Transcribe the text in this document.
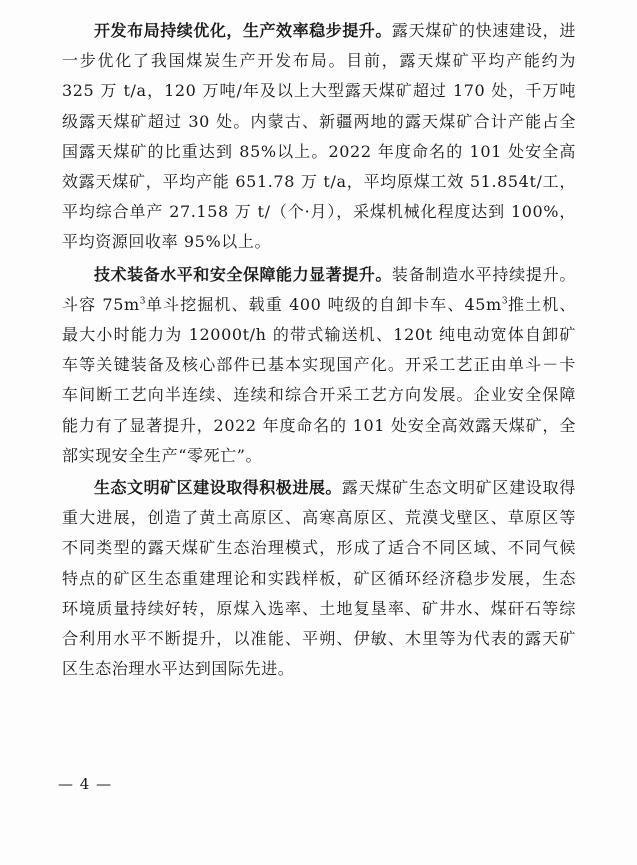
开发布局持续优化，生产效率稳步提升。露天煤矿的快速建设，进一步优化了我国煤炭生产开发布局。目前，露天煤矿平均产能约为 325 万 t/a，120 万吨/年及以上大型露天煤矿超过 170 处，千万吨级露天煤矿超过 30 处。内蒙古、新疆两地的露天煤矿合计产能占全国露天煤矿的比重达到 85%以上。2022 年度命名的 101 处安全高效露天煤矿，平均产能 651.78 万 t/a，平均原煤工效 51.854t/工，平均综合单产 27.158 万 t/（个·月），采煤机械化程度达到 100%，平均资源回收率 95%以上。

技术装备水平和安全保障能力显著提升。装备制造水平持续提升。斗容 $75m^3$单斗挖掘机、载重 400 吨级的自卸卡车、$45m^3$推土机、最大小时能力为 12000t/h 的带式输送机、120t 纯电动宽体自卸矿车等关键装备及核心部件已基本实现国产化。开采工艺正由单斗－卡车间断工艺向半连续、连续和综合开采工艺方向发展。企业安全保障能力有了显著提升，2022 年度命名的 101 处安全高效露天煤矿，全部实现安全生产“零死亡”。

生态文明矿区建设取得积极进展。露天煤矿生态文明矿区建设取得重大进展，创造了黄土高原区、高寒高原区、荒漠戈壁区、草原区等不同类型的露天煤矿生态治理模式，形成了适合不同区域、不同气候特点的矿区生态重建理论和实践样板，矿区循环经济稳步发展，生态环境质量持续好转，原煤入选率、土地复垦率、矿井水、煤矸石等综合利用水平不断提升，以准能、平朔、伊敏、木里等为代表的露天矿区生态治理水平达到国际先进。

— 4 —
